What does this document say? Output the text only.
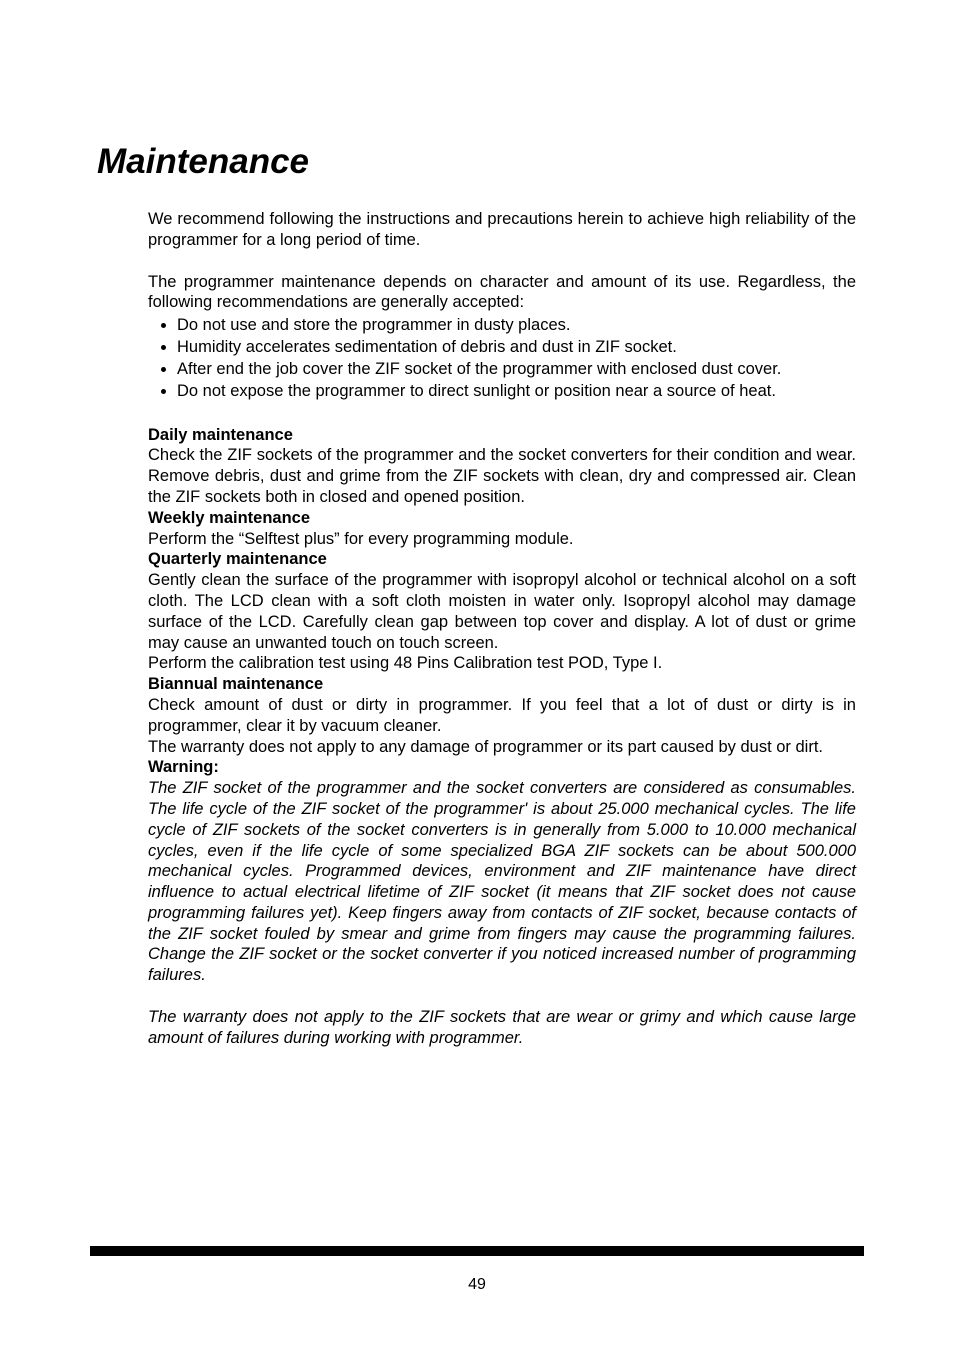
Maintenance

We recommend following the instructions and precautions herein to achieve high reliability of the programmer for a long period of time.

The programmer maintenance depends on character and amount of its use. Regardless, the following recommendations are generally accepted:

Do not use and store the programmer in dusty places.
Humidity accelerates sedimentation of debris and dust in ZIF socket.
After end the job cover the ZIF socket of the programmer with enclosed dust cover.
Do not expose the programmer to direct sunlight or position near a source of heat.

Daily maintenance

Check the ZIF sockets of the programmer and the socket converters for their condition and wear. Remove debris, dust and grime from the ZIF sockets with clean, dry and compressed air. Clean the ZIF sockets both in closed and opened position.

Weekly maintenance

Perform the “Selftest plus” for every programming module.

Quarterly maintenance

Gently clean the surface of the programmer with isopropyl alcohol or technical alcohol on a soft cloth. The LCD clean with a soft cloth moisten in water only. Isopropyl alcohol may damage surface of the LCD. Carefully clean gap between top cover and display. A lot of dust or grime may cause an unwanted touch on touch screen.

Perform the calibration test using 48 Pins Calibration test POD, Type I.

Biannual maintenance

Check amount of dust or dirty in programmer. If you feel that a lot of dust or dirty is in programmer, clear it by vacuum cleaner.

The warranty does not apply to any damage of programmer or its part caused by dust or dirt.

Warning:

The ZIF socket of the programmer and the socket converters are considered as consumables. The life cycle of the ZIF socket of the programmer' is about 25.000 mechanical cycles. The life cycle of ZIF sockets of the socket converters is in generally from 5.000 to 10.000 mechanical cycles, even if the life cycle of some specialized BGA ZIF sockets can be about 500.000 mechanical cycles. Programmed devices, environment and ZIF maintenance have direct influence to actual electrical lifetime of ZIF socket (it means that ZIF socket does not cause programming failures yet). Keep fingers away from contacts of ZIF socket, because contacts of the ZIF socket fouled by smear and grime from fingers may cause the programming failures. Change the ZIF socket or the socket converter if you noticed increased number of programming failures.

The warranty does not apply to the ZIF sockets that are wear or grimy and which cause large amount of failures during working with programmer.

49
